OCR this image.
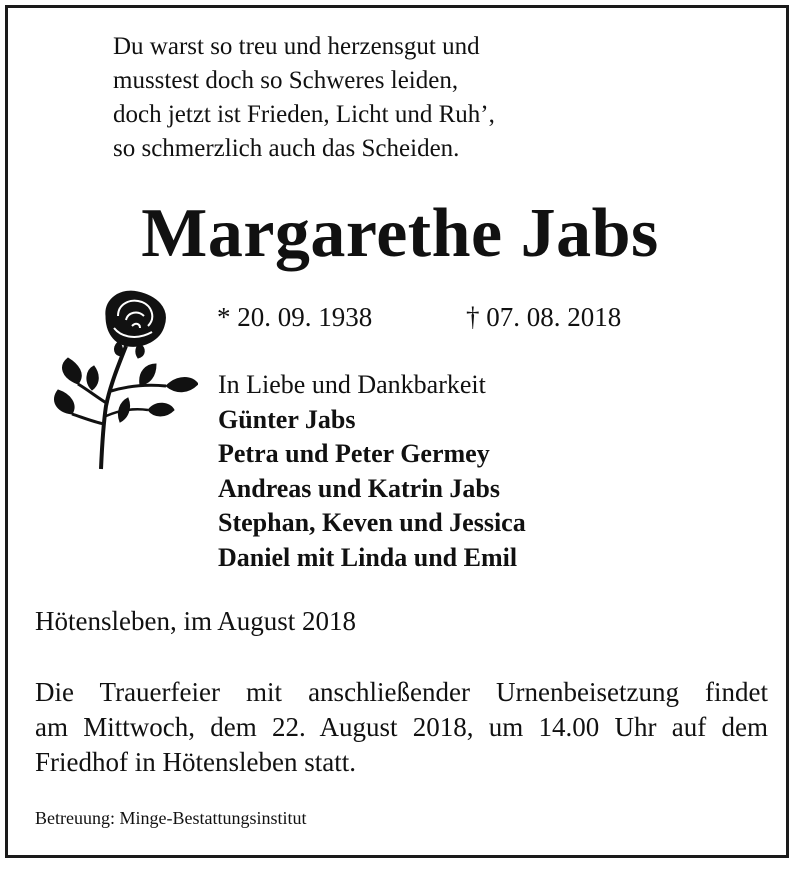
Du warst so treu und herzensgut und
musstest doch so Schweres leiden,
doch jetzt ist Frieden, Licht und Ruh’,
so schmerzlich auch das Scheiden.
Margarethe Jabs
* 20. 09. 1938	† 07. 08. 2018
In Liebe und Dankbarkeit
Günter Jabs
Petra und Peter Germey
Andreas und Katrin Jabs
Stephan, Keven und Jessica
Daniel mit Linda und Emil
Hötensleben, im August 2018
Die Trauerfeier mit anschließender Urnenbeisetzung findet
am Mittwoch, dem 22. August 2018, um 14.00 Uhr auf dem
Friedhof in Hötensleben statt.
Betreuung: Minge-Bestattungsinstitut
